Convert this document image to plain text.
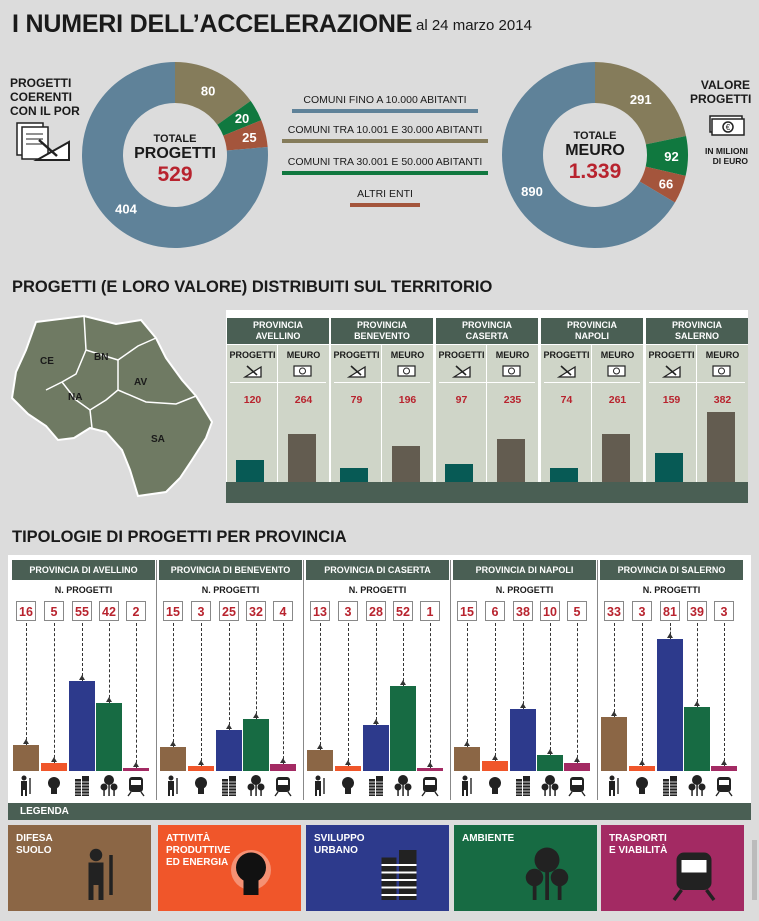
I NUMERI DELL’ACCELERAZIONE al 24 marzo 2014
PROGETTI
COERENTI
CON IL POR
80
20
25
404
TOTALE
PROGETTI
529
COMUNI FINO A 10.000 ABITANTI
COMUNI TRA 10.001 E 30.000 ABITANTI
COMUNI TRA 30.001 E 50.000 ABITANTI
ALTRI ENTI
291
92
66
890
TOTALE
MEURO
1.339
VALORE
PROGETTI
€
IN MILIONI
DI EURO
PROGETTI (E LORO VALORE) DISTRIBUITI SUL TERRITORIO
CE	BN
NA
AV
SA
PROVINCIA
AVELLINO
PROGETTI	MEURO
120	264
PROVINCIA
BENEVENTO
PROGETTI	MEURO
79	196
PROVINCIA
CASERTA
PROGETTI	MEURO
97	235
PROVINCIA
NAPOLI
PROGETTI	MEURO
74	261
PROVINCIA
SALERNO
PROGETTI	MEURO
159	382
TIPOLOGIE DI PROGETTI PER PROVINCIA
PROVINCIA DI AVELLINO
N. PROGETTI
16	5	55 42	2
PROVINCIA DI BENEVENTO
N. PROGETTI
15	3	25 32	4
PROVINCIA DI CASERTA
N. PROGETTI
13	3	28 52	1
PROVINCIA DI NAPOLI
N. PROGETTI
15	6	38 10	5
PROVINCIA DI SALERNO
N. PROGETTI
33	3	81 39	3
LEGENDA
DIFESA
SUOLO
ATTIVITÀ
PRODUTTIVE
ED ENERGIA
SVILUPPO
URBANO
AMBIENTE	TRASPORTI
E VIABILITÀ
